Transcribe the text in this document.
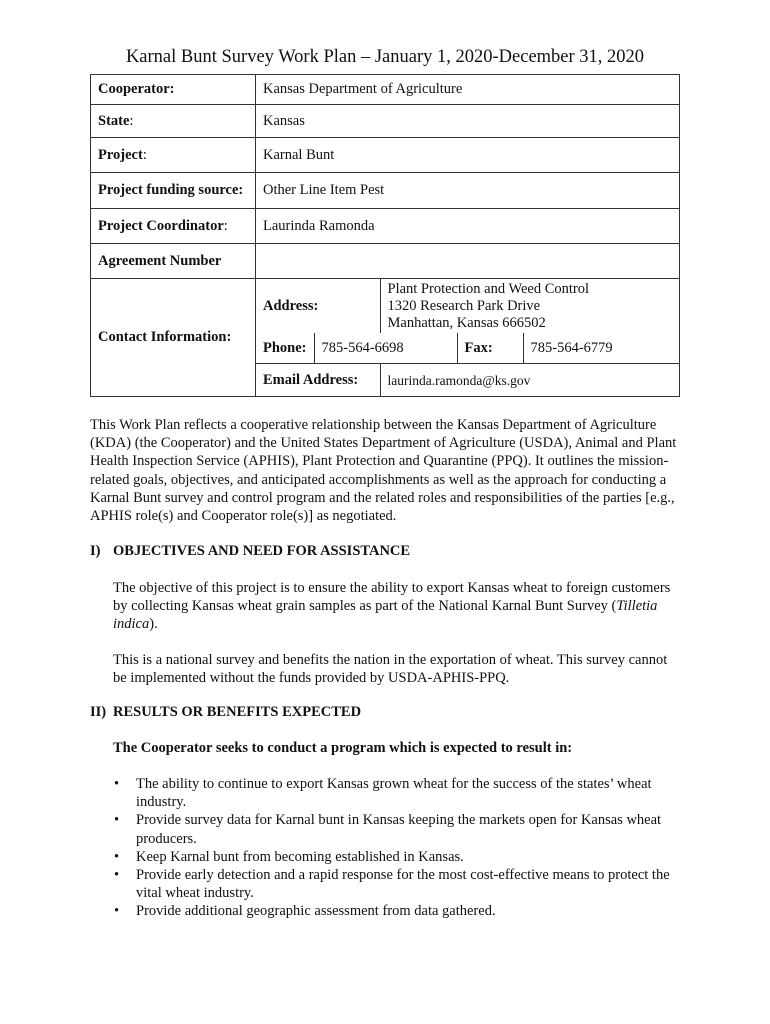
Karnal Bunt Survey Work Plan – January 1, 2020-December 31, 2020
Cooperator:	Kansas Department of Agriculture
State:	Kansas
Project:	Karnal Bunt
Project funding source:	Other Line Item Pest
Project Coordinator:	Laurinda Ramonda
Agreement Number	
Contact Information:	
Address:	
Plant Protection and Weed Control
1320 Research Park Drive
Manhattan, Kansas 666502
Phone:	785-564-6698	Fax:	785-564-6779

Email Address:	laurinda.ramonda@ks.gov
This Work Plan reflects a cooperative relationship between the Kansas Department of Agriculture (KDA) (the Cooperator) and the United States Department of Agriculture (USDA), Animal and Plant Health Inspection Service (APHIS), Plant Protection and Quarantine (PPQ). It outlines the mission-related goals, objectives, and anticipated accomplishments as well as the approach for conducting a Karnal Bunt survey and control program and the related roles and responsibilities of the parties [e.g., APHIS role(s) and Cooperator role(s)] as negotiated.
I) OBJECTIVES AND NEED FOR ASSISTANCE
The objective of this project is to ensure the ability to export Kansas wheat to foreign customers by collecting Kansas wheat grain samples as part of the National Karnal Bunt Survey (Tilletia indica).
This is a national survey and benefits the nation in the exportation of wheat. This survey cannot be implemented without the funds provided by USDA-APHIS-PPQ.
II) RESULTS OR BENEFITS EXPECTED
The Cooperator seeks to conduct a program which is expected to result in:
• The ability to continue to export Kansas grown wheat for the success of the states’ wheat industry.
• Provide survey data for Karnal bunt in Kansas keeping the markets open for Kansas wheat producers.
• Keep Karnal bunt from becoming established in Kansas.
• Provide early detection and a rapid response for the most cost-effective means to protect the vital wheat industry.
• Provide additional geographic assessment from data gathered.
